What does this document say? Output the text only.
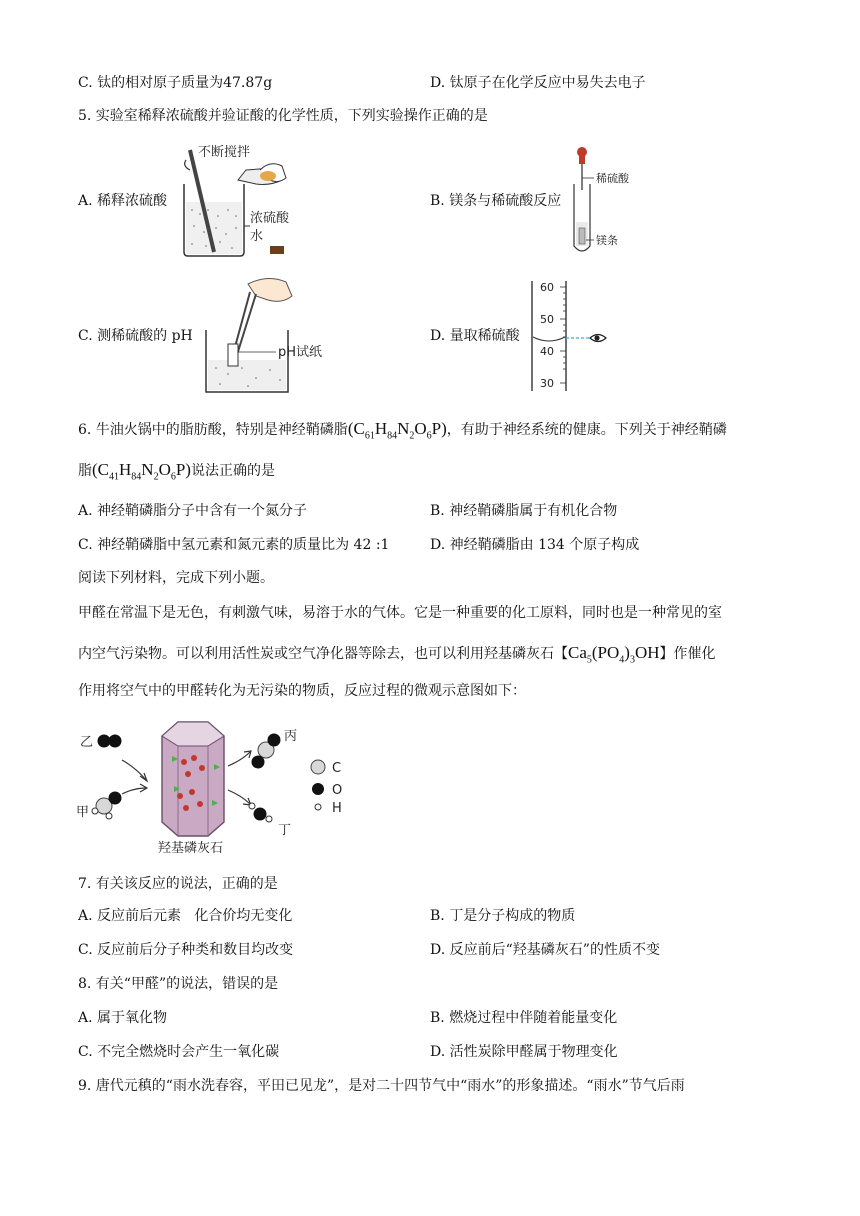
C. 钛的相对原子质量为47.87g	D. 钛原子在化学反应中易失去电子
5. 实验室稀释浓硫酸并验证酸的化学性质，下列实验操作正确的是
A. 稀释浓硫酸
不断搅拌
浓硫酸
水
B. 镁条与稀硫酸反应
稀硫酸
镁条
C. 测稀硫酸的 pH
pH试纸
D. 量取稀硫酸
60
50
40
30
6. 牛油火锅中的脂肪酸，特别是神经鞘磷脂$(C_{61}H_{84}N_2O_6P)$，有助于神经系统的健康。下列关于神经鞘磷
脂$(C_{41}H_{84}N_2O_6P)$说法正确的是
A. 神经鞘磷脂分子中含有一个氮分子	B. 神经鞘磷脂属于有机化合物
C. 神经鞘磷脂中氢元素和氮元素的质量比为 42 :1	D. 神经鞘磷脂由 134 个原子构成
阅读下列材料，完成下列小题。
甲醛在常温下是无色，有刺激气味，易溶于水的气体。它是一种重要的化工原料，同时也是一种常见的室
内空气污染物。可以利用活性炭或空气净化器等除去，也可以利用羟基磷灰石【$Ca_5(PO_4)_3OH$】作催化
作用将空气中的甲醛转化为无污染的物质，反应过程的微观示意图如下：
乙
甲
丙
丁
羟基磷灰石
C
O
H
7. 有关该反应的说法，正确的是
A. 反应前后元素   化合价均无变化	B. 丁是分子构成的物质
C. 反应前后分子种类和数目均改变	D. 反应前后“羟基磷灰石”的性质不变
8. 有关“甲醛”的说法，错误的是
A. 属于氧化物	B. 燃烧过程中伴随着能量变化
C. 不完全燃烧时会产生一氧化碳	D. 活性炭除甲醛属于物理变化
9. 唐代元稹的“雨水洗春容，平田已见龙”，是对二十四节气中“雨水”的形象描述。“雨水”节气后雨
